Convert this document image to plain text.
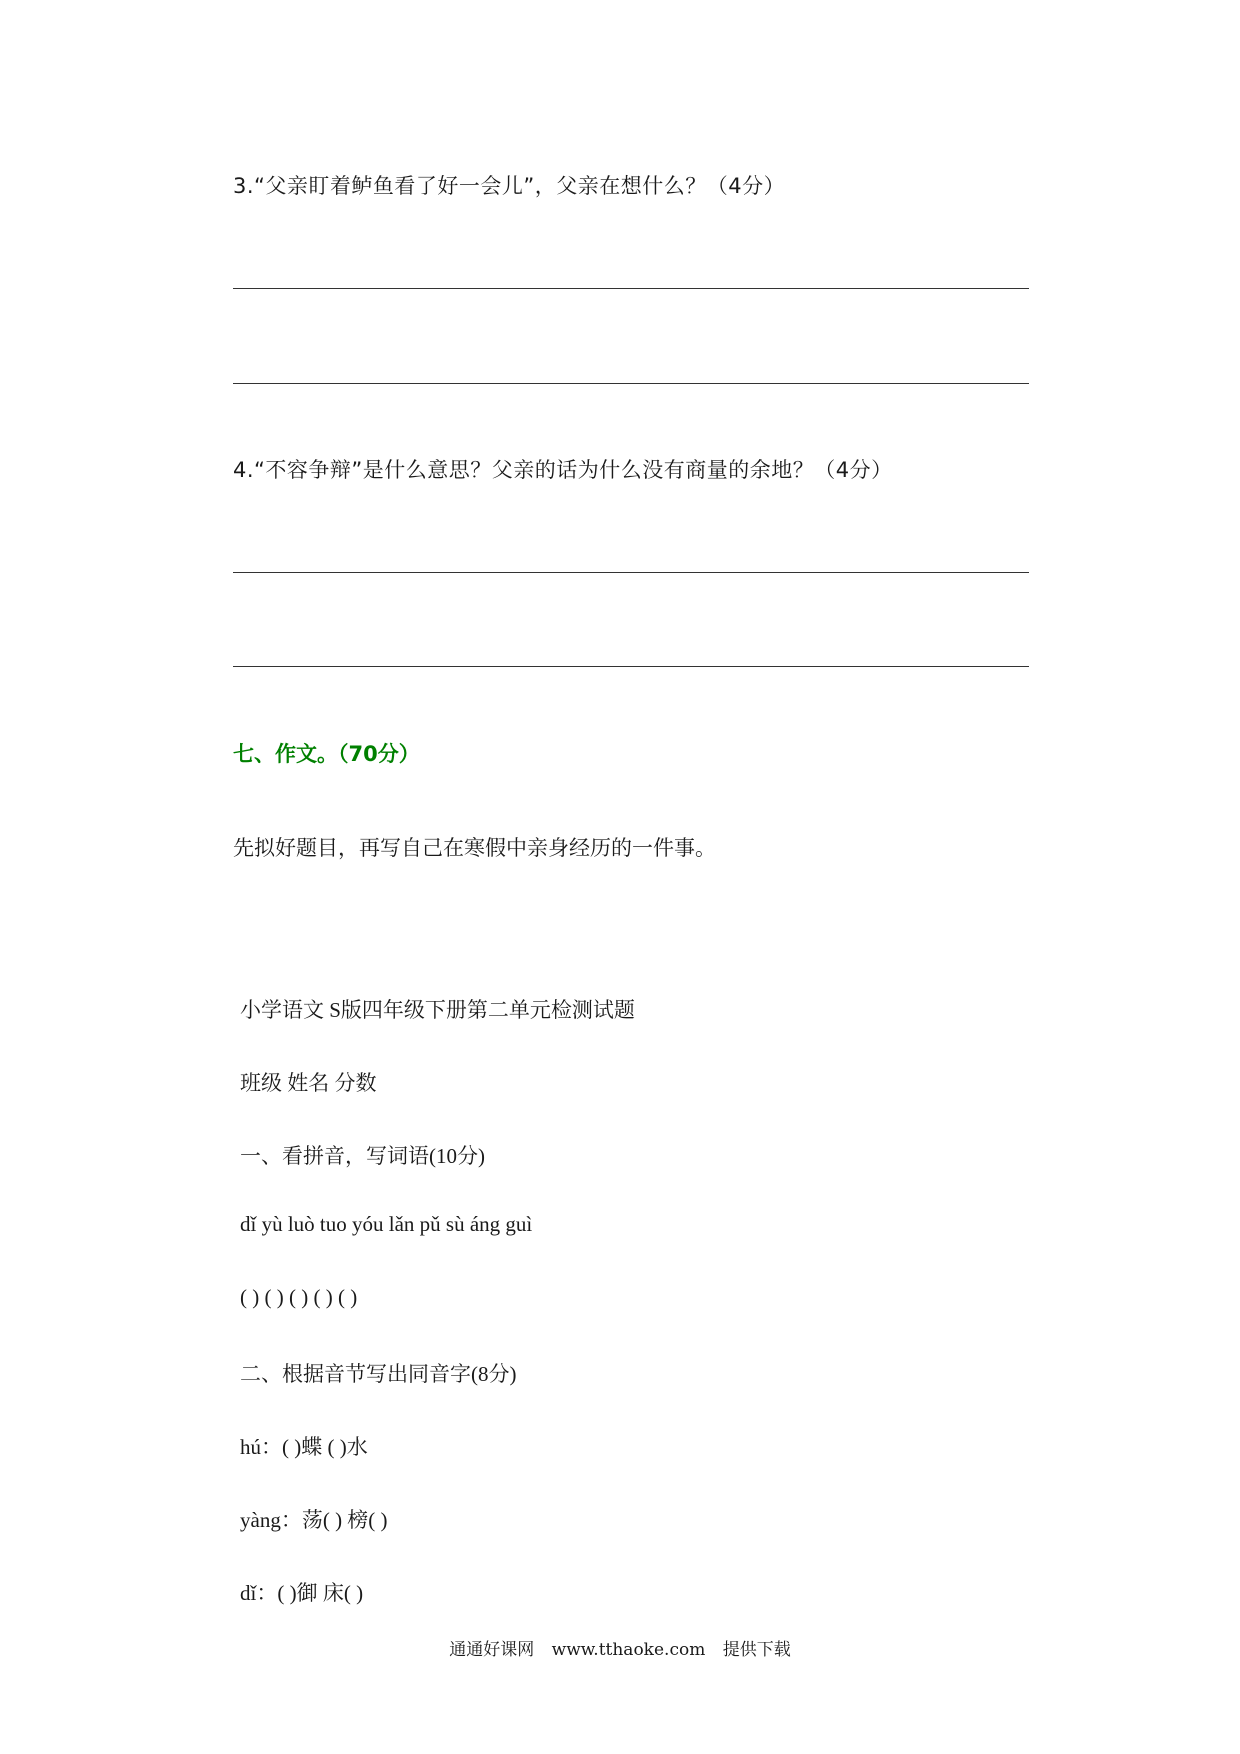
3.“父亲盯着鲈鱼看了好一会儿”，父亲在想什么？（4分）
4.“不容争辩”是什么意思？父亲的话为什么没有商量的余地？（4分）
七、作文。（70分）
先拟好题目，再写自己在寒假中亲身经历的一件事。
小学语文 S版四年级下册第二单元检测试题
班级 姓名 分数
一、看拼音，写词语(10分)
dǐ yù luò tuo yóu lǎn pǔ sù áng guì
( ) ( ) ( ) ( ) ( )
二、根据音节写出同音字(8分)
hú：( )蝶 ( )水
yàng：荡( ) 榜( )
dǐ：( )御 床( )
通通好课网 www.tthaoke.com 提供下载
